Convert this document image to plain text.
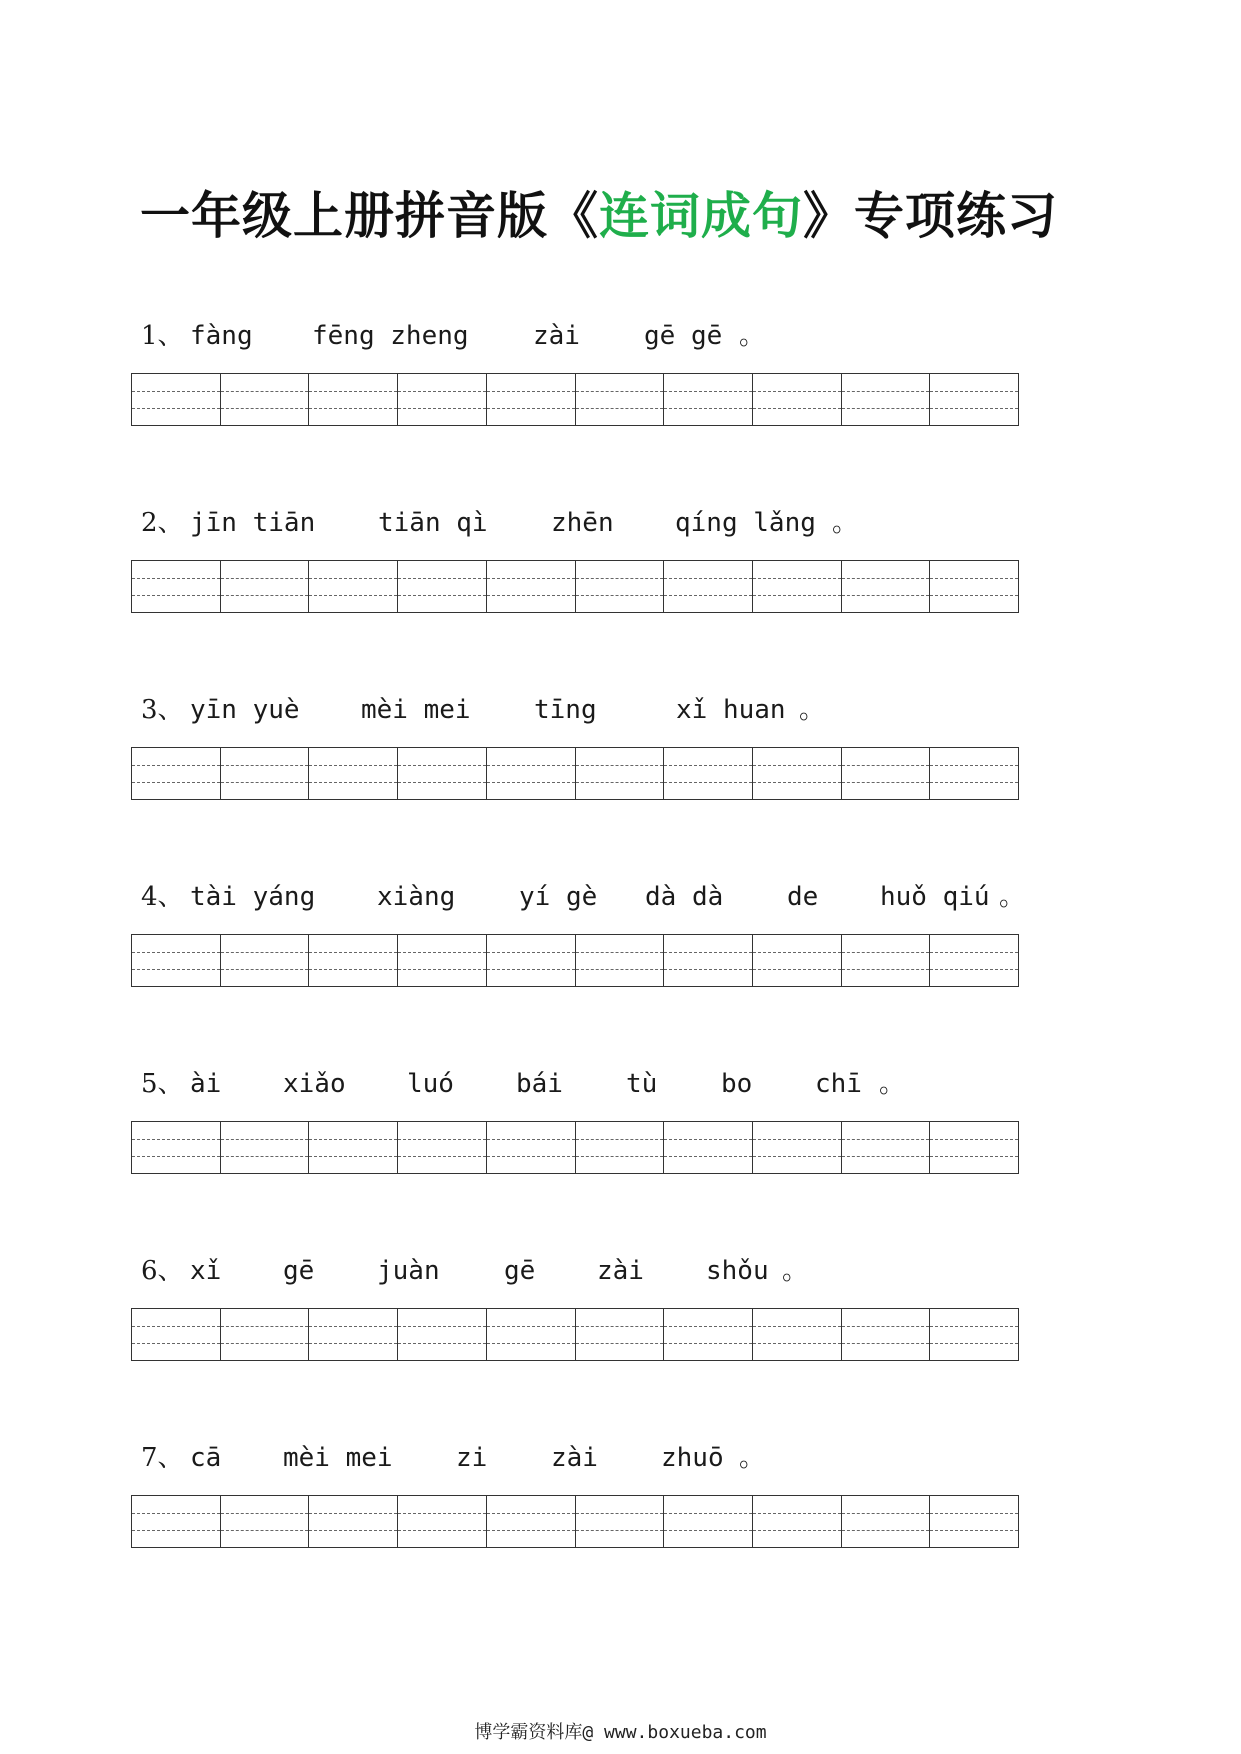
一年级上册拼音版《连词成句》专项练习
1、 fàng fēng zheng zài gē gē 。
2、 jīn tiān tiān qì zhēn qíng lǎng 。
3、 yīn yuè mèi mei tīng	xǐ huan 。
4、 tài yáng xiàng yí gè dà dà de huǒ qiú 。
5、 ài xiǎo luó bái tù bo chī 。
6、 xǐ gē juàn gē zài shǒu 。
7、 cā mèi mei zi zài zhuō 。
博学霸资料库@ www.boxueba.com
